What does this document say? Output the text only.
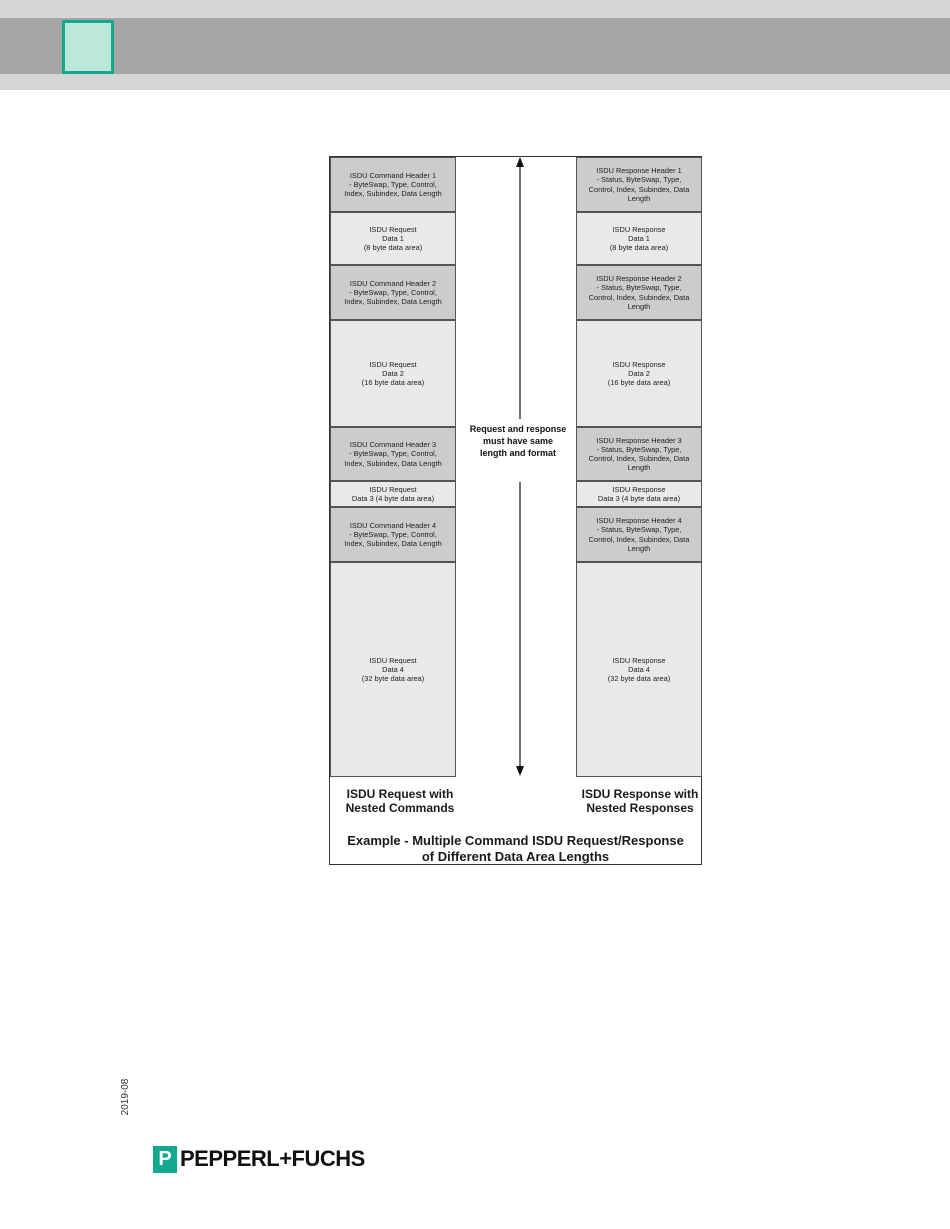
ISDU Command Header 1
- ByteSwap, Type, Control,
Index, Subindex, Data Length
ISDU Request
Data 1
(8 byte data area)
ISDU Command Header 2
- ByteSwap, Type, Control,
Index, Subindex, Data Length
ISDU Request
Data 2
(16 byte data area)
ISDU Command Header 3
- ByteSwap, Type, Control,
Index, Subindex, Data Length
ISDU Request
Data 3 (4 byte data area)
ISDU Command Header 4
- ByteSwap, Type, Control,
Index, Subindex, Data Length
ISDU Request
Data 4
(32 byte data area)
ISDU Response Header 1
- Status, ByteSwap, Type,
Control, Index, Subindex, Data
Length
ISDU Response
Data 1
(8 byte data area)
ISDU Response Header 2
- Status, ByteSwap, Type,
Control, Index, Subindex, Data
Length
ISDU Response
Data 2
(16 byte data area)
ISDU Response Header 3
- Status, ByteSwap, Type,
Control, Index, Subindex, Data
Length
ISDU Response
Data 3 (4 byte data area)
ISDU Response Header 4
- Status, ByteSwap, Type,
Control, Index, Subindex, Data
Length
ISDU Response
Data 4
(32 byte data area)
Request and response
must have same
length and format
ISDU Request with
Nested Commands
ISDU Response with
Nested Responses
Example - Multiple Command ISDU Request/Response
of Different Data Area Lengths
2019-08
P PEPPERL+FUCHS
